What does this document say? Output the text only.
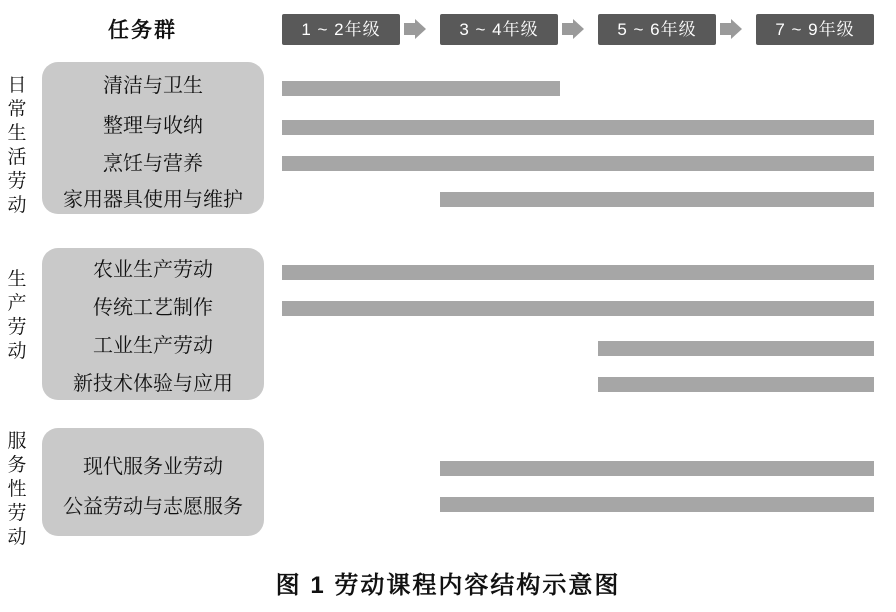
任务群	1 ~ 2年级	3 ~ 4年级	5 ~ 6年级	7 ~ 9年级
日常生活劳动
清洁与卫生
整理与收纳
烹饪与营养
家用器具使用与维护
生产劳动
农业生产劳动
传统工艺制作
工业生产劳动
新技术体验与应用
服务性劳动
现代服务业劳动
公益劳动与志愿服务
图 1 劳动课程内容结构示意图
